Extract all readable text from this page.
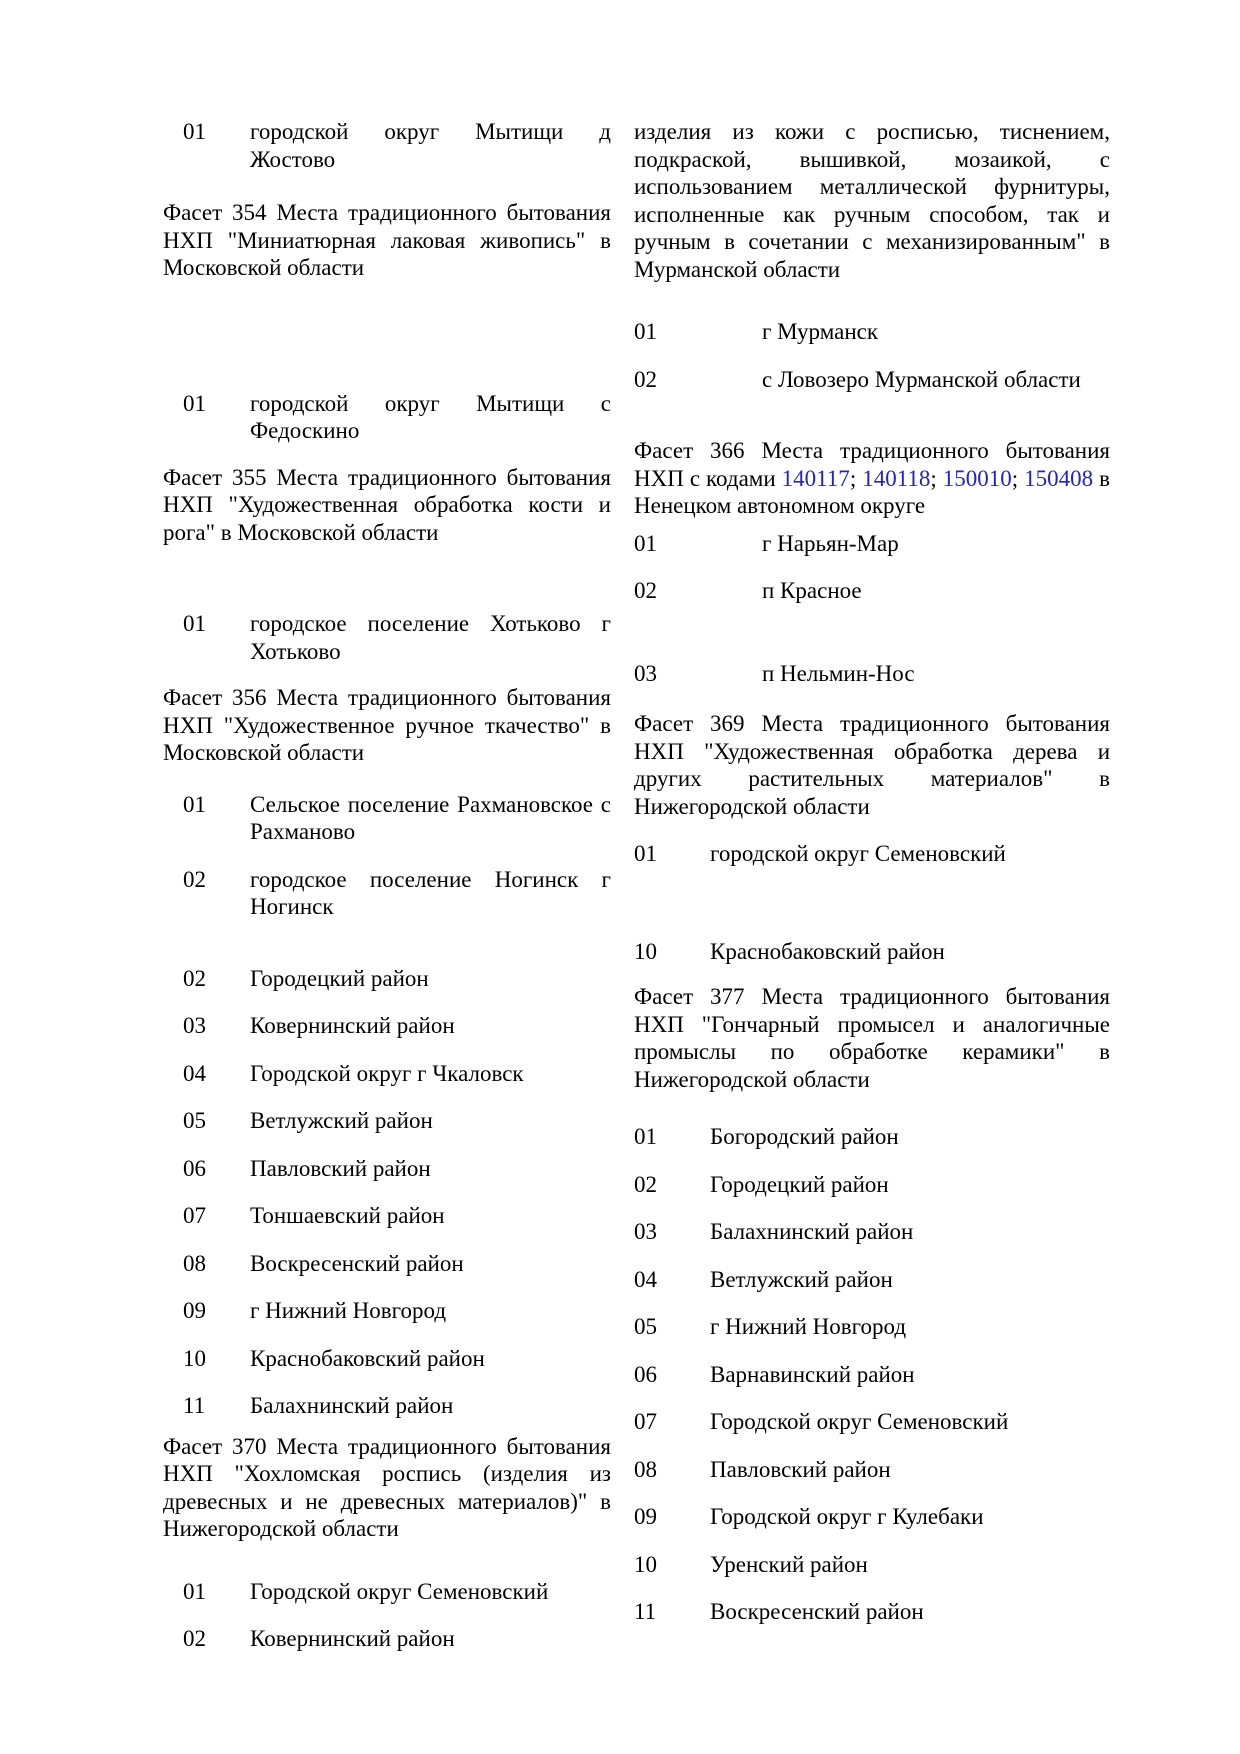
01	городской округ Мытищи д Жостово
Фасет 354 Места традиционного бытования
НХП "Миниатюрная лаковая живопись" в
Московской области
01	городской округ Мытищи с
Федоскино
Фасет 355 Места традиционного бытования
НХП "Художественная обработка кости и
рога" в Московской области
01	городское поселение Хотьково г
Хотьково
Фасет 356 Места традиционного бытования
НХП "Художественное ручное ткачество" в
Московской области
01	Сельское поселение Рахмановское с
Рахманово
02	городское поселение Ногинск г
Ногинск
02	Городецкий район
03	Ковернинский район
04	Городской округ г Чкаловск
05	Ветлужский район
06	Павловский район
07	Тоншаевский район
08	Воскресенский район
09	г Нижний Новгород
10	Краснобаковский район
11	Балахнинский район
Фасет 370 Места традиционного бытования
НХП "Хохломская роспись (изделия из
древесных и не древесных материалов)" в
Нижегородской области
01	Городской округ Семеновский
02	Ковернинский район
изделия из кожи с росписью, тиснением,
подкраской, вышивкой, мозаикой, с
использованием металлической фурнитуры,
исполненные как ручным способом, так и
ручным в сочетании с механизированным" в
Мурманской области
01	г Мурманск
02	с Ловозеро Мурманской области
Фасет 366 Места традиционного бытования
НХП с кодами 140117; 140118; 150010; 150408 в
Ненецком автономном округе
01	г Нарьян-Мар
02	п Красное
03	п Нельмин-Нос
Фасет 369 Места традиционного бытования
НХП "Художественная обработка дерева и
других растительных материалов" в
Нижегородской области
01	городской округ Семеновский
10	Краснобаковский район
Фасет 377 Места традиционного бытования
НХП "Гончарный промысел и аналогичные
промыслы по обработке керамики" в
Нижегородской области
01	Богородский район
02	Городецкий район
03	Балахнинский район
04	Ветлужский район
05	г Нижний Новгород
06	Варнавинский район
07	Городской округ Семеновский
08	Павловский район
09	Городской округ г Кулебаки
10	Уренский район
11	Воскресенский район
